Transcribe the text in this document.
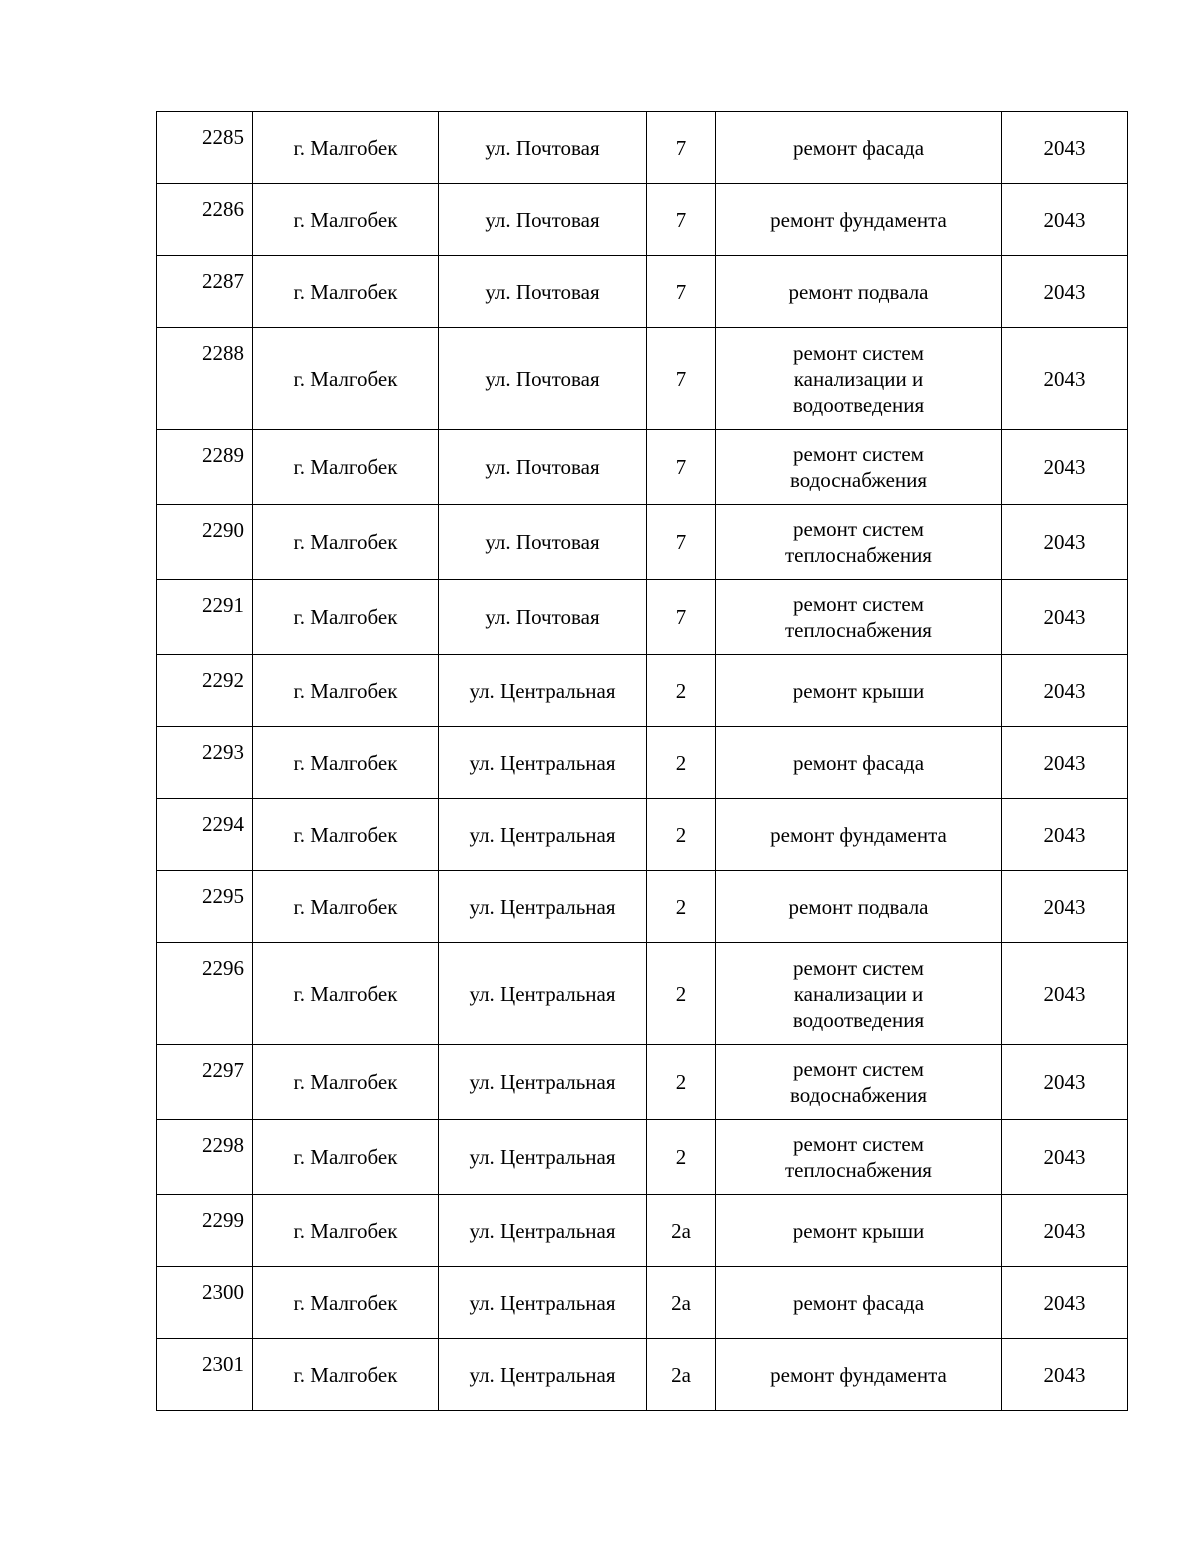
2285	г. Малгобек	ул. Почтовая	7	ремонт фасада	2043
2286	г. Малгобек	ул. Почтовая	7	ремонт фундамента	2043
2287	г. Малгобек	ул. Почтовая	7	ремонт подвала	2043
2288	г. Малгобек	ул. Почтовая	7	ремонт систем
канализации и
водоотведения	2043
2289	г. Малгобек	ул. Почтовая	7	ремонт систем
водоснабжения	2043
2290	г. Малгобек	ул. Почтовая	7	ремонт систем
теплоснабжения	2043
2291	г. Малгобек	ул. Почтовая	7	ремонт систем
теплоснабжения	2043
2292	г. Малгобек	ул. Центральная	2	ремонт крыши	2043
2293	г. Малгобек	ул. Центральная	2	ремонт фасада	2043
2294	г. Малгобек	ул. Центральная	2	ремонт фундамента	2043
2295	г. Малгобек	ул. Центральная	2	ремонт подвала	2043
2296	г. Малгобек	ул. Центральная	2	ремонт систем
канализации и
водоотведения	2043
2297	г. Малгобек	ул. Центральная	2	ремонт систем
водоснабжения	2043
2298	г. Малгобек	ул. Центральная	2	ремонт систем
теплоснабжения	2043
2299	г. Малгобек	ул. Центральная	2а	ремонт крыши	2043
2300	г. Малгобек	ул. Центральная	2а	ремонт фасада	2043
2301	г. Малгобек	ул. Центральная	2а	ремонт фундамента	2043
